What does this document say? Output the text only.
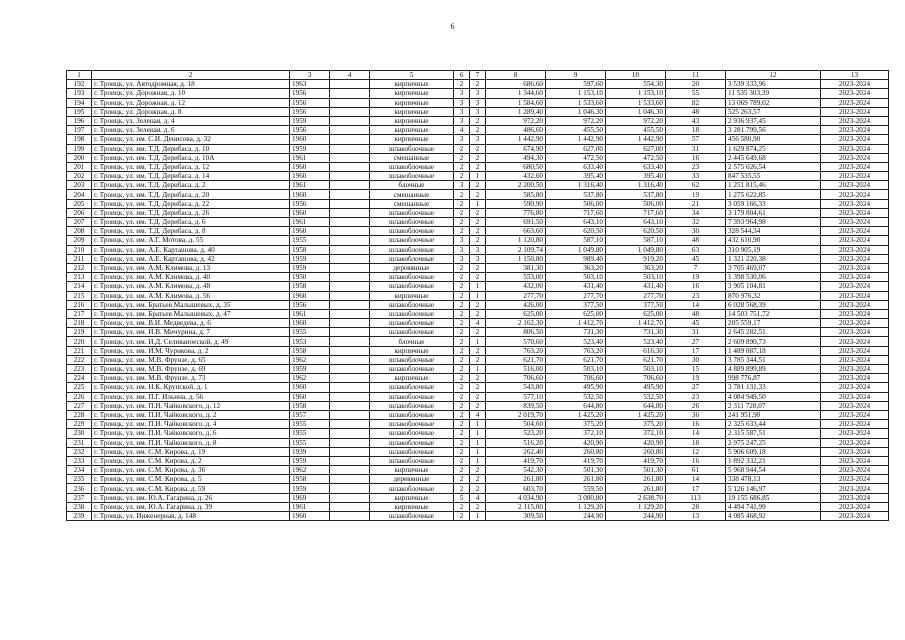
6
1	2	3	4	5	6	7	8	9	10	11	12	13
192	г. Троицк, ул. Автодромная, д. 18	1963		кирпичные	2	2	686,60	597,60	554,30	20	3 539 333,96	2023-2024
193	г. Троицк, ул. Дорожная, д. 10	1956		кирпичные	3	3	1 344,60	1 153,10	1 153,10	55	11 535 303,39	2023-2024
194	г. Троицк, ул. Дорожная, д. 12	1956		кирпичные	3	3	1 584,60	1 533,60	1 533,60	82	13 069 789,02	2023-2024
195	г. Троицк, ул. Дорожная, д. 8	1956		кирпичные	3	3	1 289,40	1 046,30	1 046,30	48	525 263,57	2023-2024
196	г. Троицк, ул. Зеленая, д. 4	1959		кирпичные	3	2	972,20	972,20	972,20	43	2 936 937,45	2023-2024
197	г. Троицк, ул. Зеленая, д. 6	1956		кирпичные	4	2	486,60	455,50	455,50	18	3 281 799,56	2023-2024
198	г. Троицк, ул. им. С.И. Денисова, д. 32	1960		кирпичные	3	3	1 442,90	1 442,90	1 442,90	57	456 580,90	2023-2024
199	г. Троицк, ул. им. Т.Д. Дерибаса, д. 10	1959		шлакоблочные	2	2	674,90	627,00	627,00	31	1 629 874,25	2023-2024
200	г. Троицк, ул. им. Т.Д. Дерибаса, д. 10А	1961		смешанные	2	2	494,30	472,50	472,50	16	2 445 649,68	2023-2024
201	г. Троицк, ул. им. Т.Д. Дерибаса, д. 12	1960		шлакоблочные	2	2	680,50	633,40	633,40	23	2 575 026,54	2023-2024
202	г. Троицк, ул. им. Т.Д. Дерибаса, д. 14	1960		шлакоблочные	2	1	432,60	395,40	395,40	33	847 535,55	2023-2024
203	г. Троицк, ул. им. Т.Д. Дерибаса, д. 2	1961		блочные	3	2	2 200,50	1 316,40	1 316,40	62	1 251 815,46	2023-2024
204	г. Троицк, ул. им. Т.Д. Дерибаса, д. 20	1960		смешанные	2	2	585,80	537,80	537,80	19	1 275 622,85	2023-2024
205	г. Троицк, ул. им. Т.Д. Дерибаса, д. 22	1956		смешанные	2	1	590,90	506,00	506,00	21	3 059 166,33	2023-2024
206	г. Троицк, ул. им. Т.Д. Дерибаса, д. 26	1960		шлакоблочные	2	2	776,80	717,60	717,60	34	3 179 804,61	2023-2024
207	г. Троицк, ул. им. Т.Д. Дерибаса, д. 6	1961		шлакоблочные	2	2	691,50	643,10	643,10	32	7 393 964,98	2023-2024
208	г. Троицк, ул. им. Т.Д. Дерибаса, д. 8	1960		шлакоблочные	2	2	663,60	620,50	620,50	30	328 544,34	2023-2024
209	г. Троицк, ул. им. А.Г. Мотова, д. 55	1955		шлакоблочные	3	2	1 120,80	587,10	587,10	48	432 610,90	2023-2024
210	г. Троицк, ул. им. А.Е. Карташова, д. 40	1958		шлакоблочные	3	3	2 109,74	1 049,80	1 049,80	63	310 905,19	2023-2024
211	г. Троицк, ул. им. А.Е. Карташова, д. 42	1959		шлакоблочные	3	3	1 150,80	989,40	919,20	45	1 321 220,38	2023-2024
212	г. Троицк, ул. им. А.М. Климова, д. 13	1959		деревянные	2	2	381,30	363,20	363,20	7	3 705 469,07	2023-2024
213	г. Троицк, ул. им. А.М. Климова, д. 40	1950		шлакоблочные	2	2	553,00	503,10	503,10	19	1 398 530,06	2023-2024
214	г. Троицк, ул. им. А.М. Климова, д. 48	1958		шлакоблочные	2	1	432,00	431,40	431,40	16	3 905 104,81	2023-2024
215	г. Троицк, ул. им. А.М. Климова, д. 56	1960		кирпичные	2	1	277,70	277,70	277,70	23	870 976,32	2023-2024
216	г. Троицк, ул. им. Братьев Малышевых, д. 35	1956		шлакоблочные	2	2	426,00	377,50	377,50	14	6 028 568,39	2023-2024
217	г. Троицк, ул. им. Братьев Малышевых, д. 47	1961		шлакоблочные	2	2	625,00	625,00	625,00	48	14 503 751,72	2023-2024
218	г. Троицк, ул. им. В.И. Медведева, д. 6	1960		шлакоблочные	2	4	2 162,30	1 412,70	1 412,70	45	205 559,17	2023-2024
219	г. Троицк, ул. им. И.В. Мичурина, д. 7	1955		шлакоблочные	2	2	806,50	731,30	731,30	31	2 645 282,51	2023-2024
220	г. Троицк, ул. им. И.Д. Селиваноеской, д. 49	1953		блочные	2	1	570,60	523,40	523,40	27	2 609 890,73	2023-2024
221	г. Троицк, ул. им. И.М. Чурикова, д. 2	1958		кирпичные	2	2	763,20	763,20	616,30	17	1 489 887,18	2023-2024
222	г. Троицк, ул. им. М.В. Фрунзе, д. 65	1962		шлакоблочные	2	2	621,70	621,70	621,70	30	3 785 344,51	2023-2024
223	г. Троицк, ул. им. М.В. Фрунзе, д. 69	1959		шлакоблочные	2	1	516,00	503,10	503,10	15	4 889 899,89	2023-2024
224	г. Троицк, ул. им. М.В. Фрунзе, д. 73	1962		кирпичные	2	2	706,60	706,60	706,60	19	998 776,87	2023-2024
225	г. Троицк, ул. им. Н.К. Крупской, д. 1	1960		шлакоблочные	2	2	543,80	495,90	495,90	27	3 781 131,33	2023-2024
226	г. Троицк, ул. им. П.Г. Ильина, д. 56	1960		шлакоблочные	2	2	577,10	532,50	532,50	23	4 084 949,50	2023-2024
227	г. Троицк, ул. им. П.И. Чайковского, д. 12	1958		шлакоблочные	2	2	839,50	644,80	644,80	26	2 311 728,07	2023-2024
228	г. Троицк, ул. им. П.И. Чайковского, д. 2	1957		шлакоблочные	2	4	2 019,70	1 425,20	1 425,20	36	241 951,90	2023-2024
229	г. Троицк, ул. им. П.И. Чайковского, д. 4	1955		шлакоблочные	2	1	504,60	375,20	375,20	16	2 325 633,44	2023-2024
230	г. Троицк, ул. им. П.И. Чайковского, д. 6	1955		шлакоблочные	2	1	523,20	372,10	372,10	14	2 315 587,51	2023-2024
231	г. Троицк, ул. им. П.И. Чайковского, д. 8	1955		шлакоблочные	2	1	516,20	420,90	420,90	18	2 975 247,25	2023-2024
232	г. Троицк, ул. им. С.М. Кирова, д. 19	1939		шлакоблочные	2	1	262,40	260,80	260,80	12	5 906 609,18	2023-2024
233	г. Троицк, ул. им. С.М. Кирова, д. 2	1959		шлакоблочные	2	1	419,70	419,70	419,70	16	1 892 332,21	2023-2024
234	г. Троицк, ул. им. С.М. Кирова, д. 36	1962		кирпичные	2	2	542,30	501,30	501,30	61	5 968 944,54	2023-2024
235	г. Троицк, ул. им. С.М. Кирова, д. 5	1958		деревянные	2	2	261,80	261,80	261,80	14	338 478,13	2023-2024
236	г. Троицк, ул. им. С.М. Кирова, д. 59	1959		шлакоблочные	2	2	603,70	559,50	261,80	17	5 126 146,97	2023-2024
237	г. Троицк, ул. им. Ю.А. Гагарина, д. 26	1969		кирпичные	5	4	4 034,90	3 080,80	2 638,70	113	19 155 686,85	2023-2024
238	г. Троицк, ул. им. Ю.А. Гагарина, д. 39	1961		кирпичные	2	2	2 115,00	1 129,20	1 129,20	28	4 494 741,99	2023-2024
239	г. Троицк, ул. Инженерная, д. 148	1960		шлакоблочные	2	1	309,50	244,90	244,90	13	4 085 468,92	2023-2024
